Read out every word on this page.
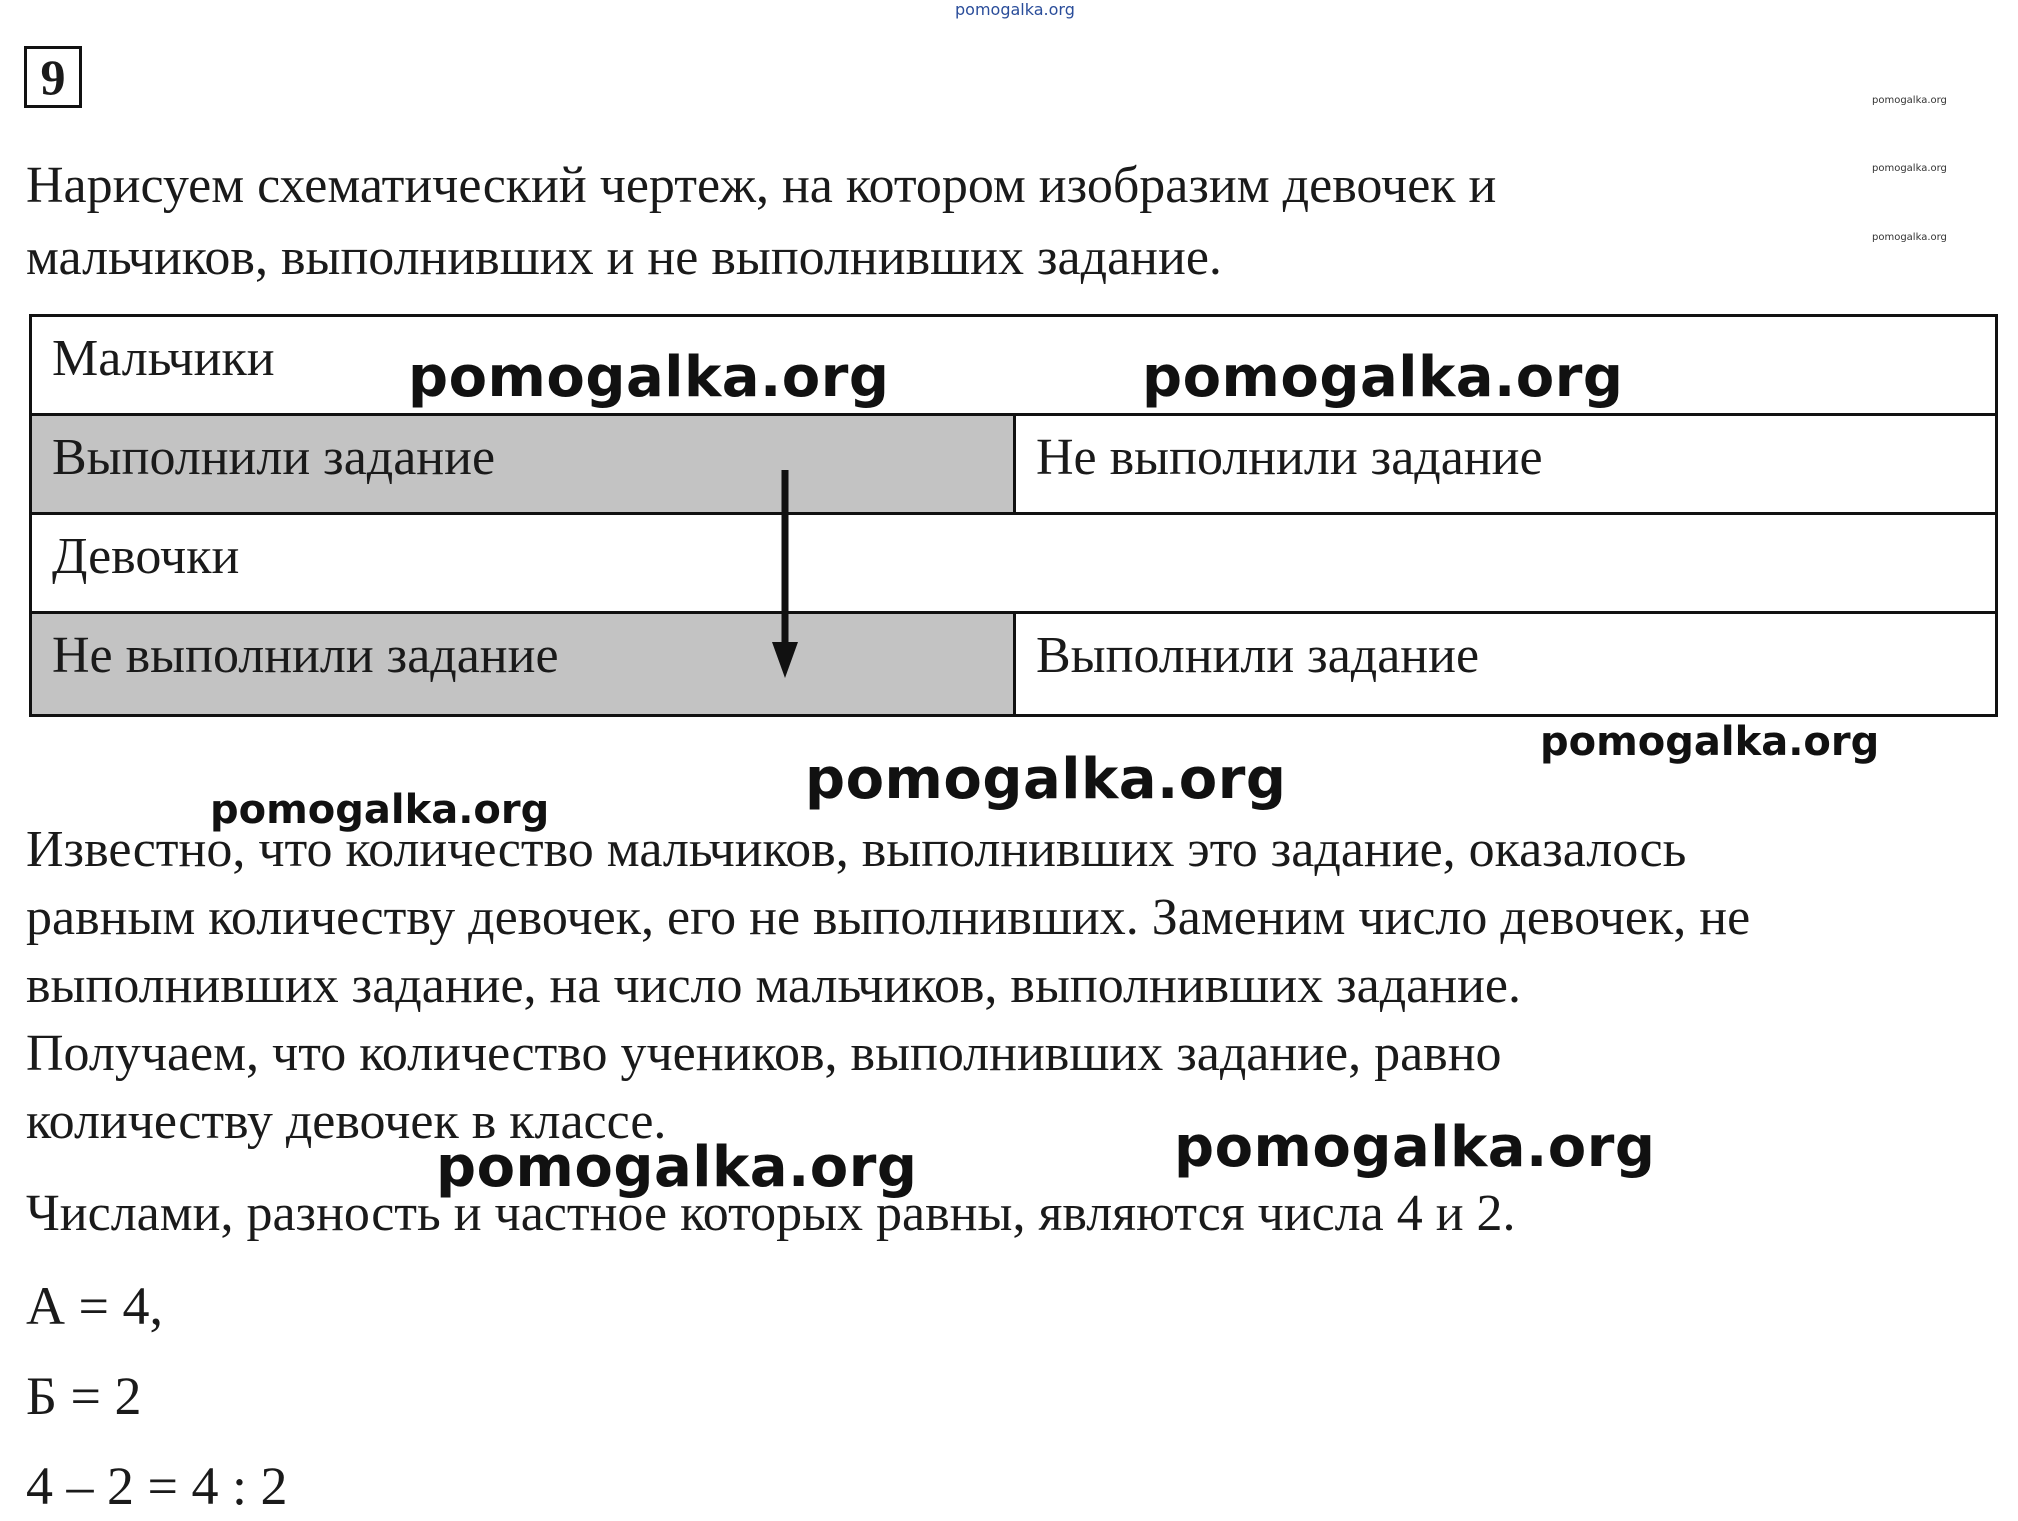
pomogalka.org
pomogalka.org
pomogalka.org
pomogalka.org
9

Нарисуем схематический чертеж, на котором изобразим девочек и

мальчиков, выполнивших и не выполнивших задание.

Мальчики
Выполнили задание	Не выполнили задание
Девочки
Не выполнили задание	Выполнили задание
pomogalka.org	pomogalka.org
pomogalka.org
pomogalka.org
pomogalka.org

Известно, что количество мальчиков, выполнивших это задание, оказалось

равным количеству девочек, его не выполнивших. Заменим число девочек, не

выполнивших задание, на число мальчиков, выполнивших задание.

Получаем, что количество учеников, выполнивших задание, равно

количеству девочек в классе.	pomogalka.org
pomogalka.org

Числами, разность и частное которых равны, являются числа 4 и 2.

А = 4,
Б = 2
4 – 2 = 4 : 2
